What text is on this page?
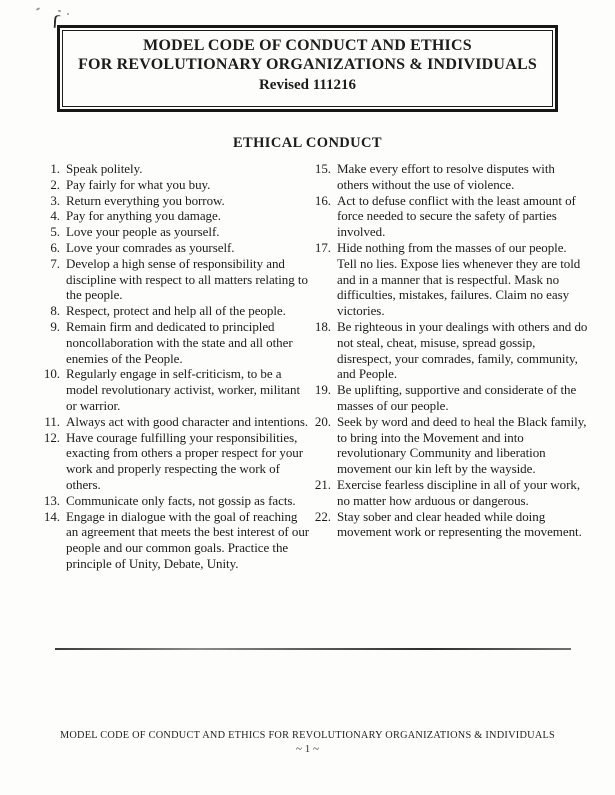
MODEL CODE OF CONDUCT AND ETHICS
FOR REVOLUTIONARY ORGANIZATIONS & INDIVIDUALS
Revised 111216
ETHICAL CONDUCT
1. Speak politely.
2. Pay fairly for what you buy.
3. Return everything you borrow.
4. Pay for anything you damage.
5. Love your people as yourself.
6. Love your comrades as yourself.
7. Develop a high sense of responsibility and discipline with respect to all matters relating to the people.
8. Respect, protect and help all of the people.
9. Remain firm and dedicated to principled noncollaboration with the state and all other enemies of the People.
10. Regularly engage in self-criticism, to be a model revolutionary activist, worker, militant or warrior.
11. Always act with good character and intentions.
12. Have courage fulfilling your responsibilities, exacting from others a proper respect for your work and properly respecting the work of others.
13. Communicate only facts, not gossip as facts.
14. Engage in dialogue with the goal of reaching an agreement that meets the best interest of our people and our common goals. Practice the principle of Unity, Debate, Unity.
15. Make every effort to resolve disputes with others without the use of violence.
16. Act to defuse conflict with the least amount of force needed to secure the safety of parties involved.
17. Hide nothing from the masses of our people. Tell no lies. Expose lies whenever they are told and in a manner that is respectful. Mask no difficulties, mistakes, failures. Claim no easy victories.
18. Be righteous in your dealings with others and do not steal, cheat, misuse, spread gossip, disrespect, your comrades, family, community, and People.
19. Be uplifting, supportive and considerate of the masses of our people.
20. Seek by word and deed to heal the Black family, to bring into the Movement and into revolutionary Community and liberation movement our kin left by the wayside.
21. Exercise fearless discipline in all of your work, no matter how arduous or dangerous.
22. Stay sober and clear headed while doing movement work or representing the movement.
MODEL CODE OF CONDUCT AND ETHICS FOR REVOLUTIONARY ORGANIZATIONS & INDIVIDUALS
~ 1 ~
